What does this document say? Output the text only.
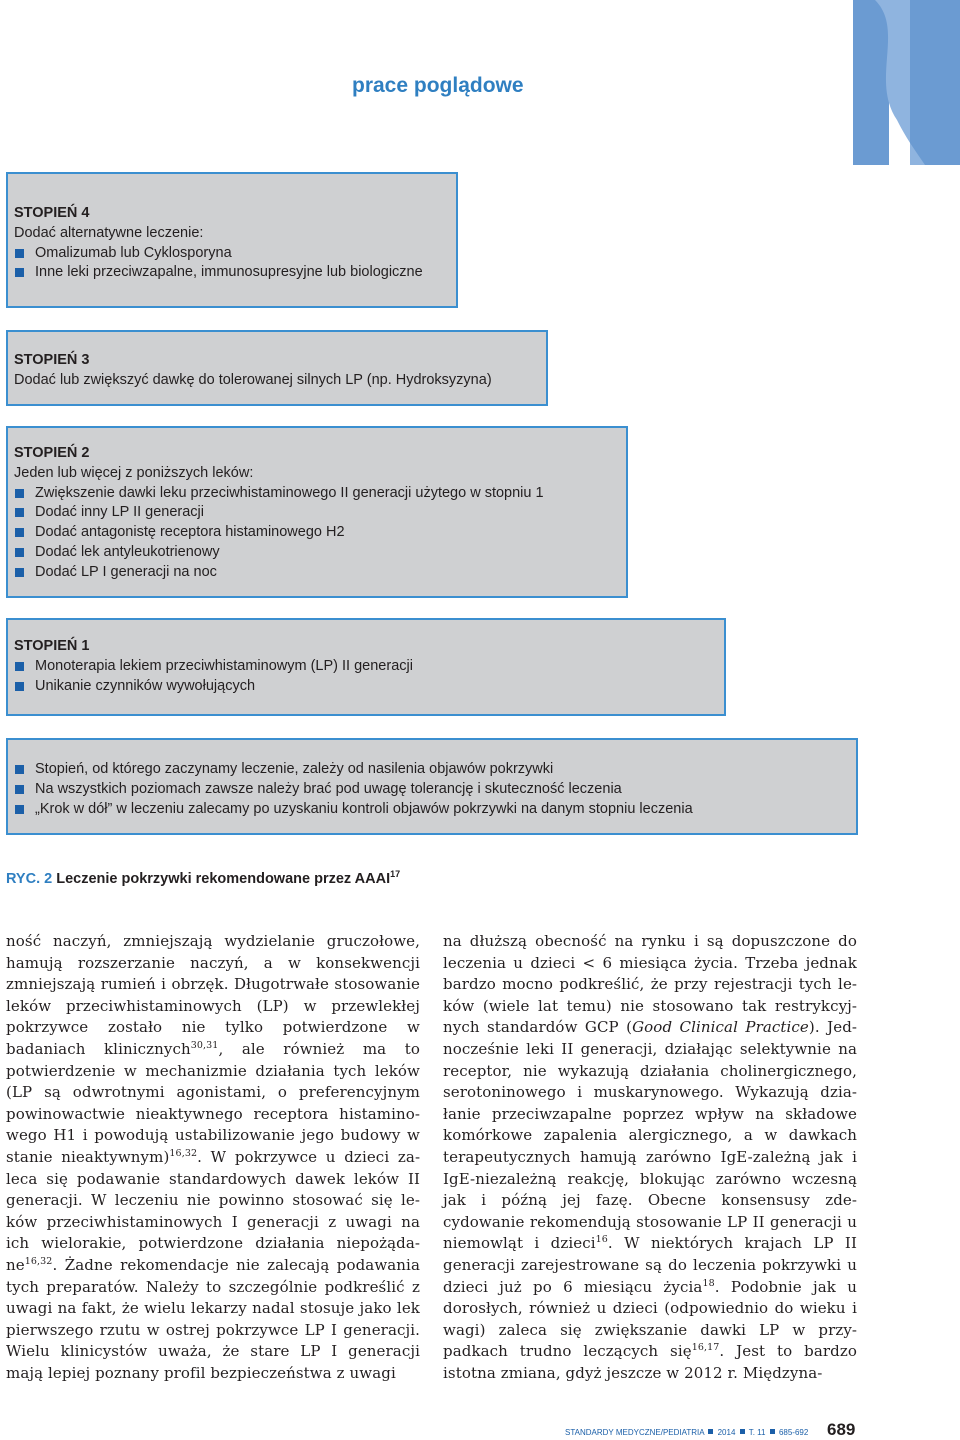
prace poglądowe
STOPIEŃ 4
Dodać alternatywne leczenie:
Omalizumab lub Cyklosporyna
Inne leki przeciwzapalne, immunosupresyjne lub biologiczne
STOPIEŃ 3
Dodać lub zwiększyć dawkę do tolerowanej silnych LP (np. Hydroksyzyna)
STOPIEŃ 2
Jeden lub więcej z poniższych leków:
Zwiększenie dawki leku przeciwhistaminowego II generacji użytego w stopniu 1
Dodać inny LP II generacji
Dodać antagonistę receptora histaminowego H2
Dodać lek antyleukotrienowy
Dodać LP I generacji na noc
STOPIEŃ 1
Monoterapia lekiem przeciwhistaminowym (LP) II generacji
Unikanie czynników wywołujących
Stopień, od którego zaczynamy leczenie, zależy od nasilenia objawów pokrzywki
Na wszystkich poziomach zawsze należy brać pod uwagę tolerancję i skuteczność leczenia
„Krok w dół” w leczeniu zalecamy po uzyskaniu kontroli objawów pokrzywki na danym stopniu leczenia

RYC. 2 Leczenie pokrzywki rekomendowane przez AAAI$^{17}$

ność naczyń, zmniejszają wydzielanie gruczołowe, hamują rozszerzanie naczyń, a w konsekwencji zmniejszają rumień i obrzęk. Długotrwałe stosowanie leków przeciwhistaminowych (LP) w przewlekłej pokrzywce zostało nie tylko potwierdzone w badaniach klinicznych$^{30,31}$, ale również ma to potwierdzenie w mechanizmie działania tych leków (LP są odwrotnymi agonistami, o preferencyjnym powinowactwie nieaktywnego receptora histaminowego H1 i powodują ustabilizowanie jego budowy w stanie nieaktywnym)$^{16,32}$. W pokrzywce u dzieci zaleca się podawanie standardowych dawek leków II generacji. W leczeniu nie powinno stosować się leków przeciwhistaminowych I generacji z uwagi na ich wielorakie, potwierdzone działania niepożądane$^{16,32}$. Żadne rekomendacje nie zalecają podawania tych preparatów. Należy to szczególnie podkreślić z uwagi na fakt, że wielu lekarzy nadal stosuje jako lek pierwszego rzutu w ostrej pokrzywce LP I generacji. Wielu klinicystów uważa, że stare LP I generacji mają lepiej poznany profil bezpieczeństwa z uwagi

na dłuższą obecność na rynku i są dopuszczone do leczenia u dzieci < 6 miesiąca życia. Trzeba jednak bardzo mocno podkreślić, że przy rejestracji tych leków (wiele lat temu) nie stosowano tak restrykcyjnych standardów GCP (Good Clinical Practice). Jednocześnie leki II generacji, działając selektywnie na receptor, nie wykazują działania cholinergicznego, serotoninowego i muskarynowego. Wykazują działanie przeciwzapalne poprzez wpływ na składowe komórkowe zapalenia alergicznego, a w dawkach terapeutycznych hamują zarówno IgE-zależną jak i IgE-niezależną reakcję, blokując zarówno wczesną jak i późną jej fazę. Obecne konsensusy zdecydowanie rekomendują stosowanie LP II generacji u niemowląt i dzieci$^{16}$. W niektórych krajach LP II generacji zarejestrowane są do leczenia pokrzywki u dzieci już po 6 miesiącu życia$^{18}$. Podobnie jak u dorosłych, również u dzieci (odpowiednio do wieku i wagi) zaleca się zwiększanie dawki LP w przypadkach trudno leczących się$^{16,17}$. Jest to bardzo istotna zmiana, gdyż jeszcze w 2012 r. Międzyna-

STANDARDY MEDYCZNE/PEDIATRIA 2014 T. 11 685-692 689
